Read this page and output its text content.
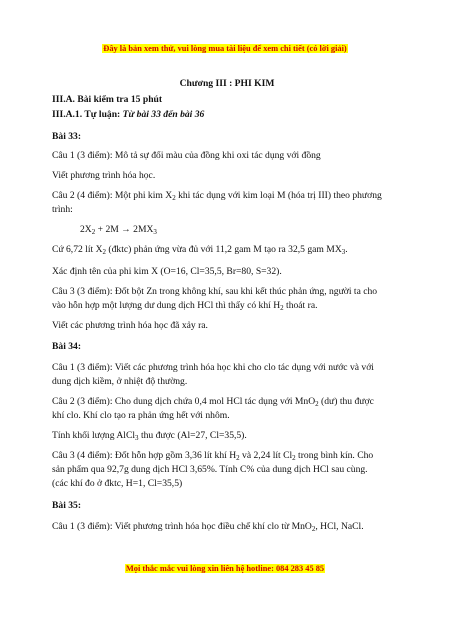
Đây là bản xem thử, vui lòng mua tài liệu để xem chi tiết (có lời giải)

Chương III : PHI KIM

III.A. Bài kiểm tra 15 phút

III.A.1. Tự luận: Từ bài 33 đến bài 36

Bài 33:

Câu 1 (3 điểm): Mô tả sự đổi màu của đồng khi oxi tác dụng với đồng

Viết phương trình hóa học.

Câu 2 (4 điểm): Một phi kim $X_2$ khi tác dụng với kim loại M (hóa trị III) theo phương

trình:

$2X_2 + 2M \to 2MX_3$

Cứ 6,72 lít $X_2$ (đktc) phản ứng vừa đủ với 11,2 gam M tạo ra 32,5 gam $MX_3$.

Xác định tên của phi kim X (O=16, Cl=35,5, Br=80, S=32).

Câu 3 (3 điểm): Đốt bột Zn trong không khí, sau khi kết thúc phản ứng, người ta cho

vào hỗn hợp một lượng dư dung dịch HCl thì thấy có khí $H_2$ thoát ra.

Viết các phương trình hóa học đã xảy ra.

Bài 34:

Câu 1 (3 điểm): Viết các phương trình hóa học khi cho clo tác dụng với nước và với

dung dịch kiềm, ở nhiệt độ thường.

Câu 2 (3 điểm): Cho dung dịch chứa 0,4 mol HCl tác dụng với MnO$_2$ (dư) thu được

khí clo. Khí clo tạo ra phản ứng hết với nhôm.

Tính khối lượng AlCl$_3$ thu được (Al=27, Cl=35,5).

Câu 3 (4 điểm): Đốt hỗn hợp gồm 3,36 lít khí $H_2$ và 2,24 lít $Cl_2$ trong bình kín. Cho

sản phẩm qua 92,7g dung dịch HCl 3,65%. Tính C% của dung dịch HCl sau cùng.

(các khí đo ở đktc, H=1, Cl=35,5)

Bài 35:

Câu 1 (3 điểm): Viết phương trình hóa học điều chế khí clo từ MnO$_2$, HCl, NaCl.

Mọi thắc mắc vui lòng xin liên hệ hotline: 084 283 45 85
